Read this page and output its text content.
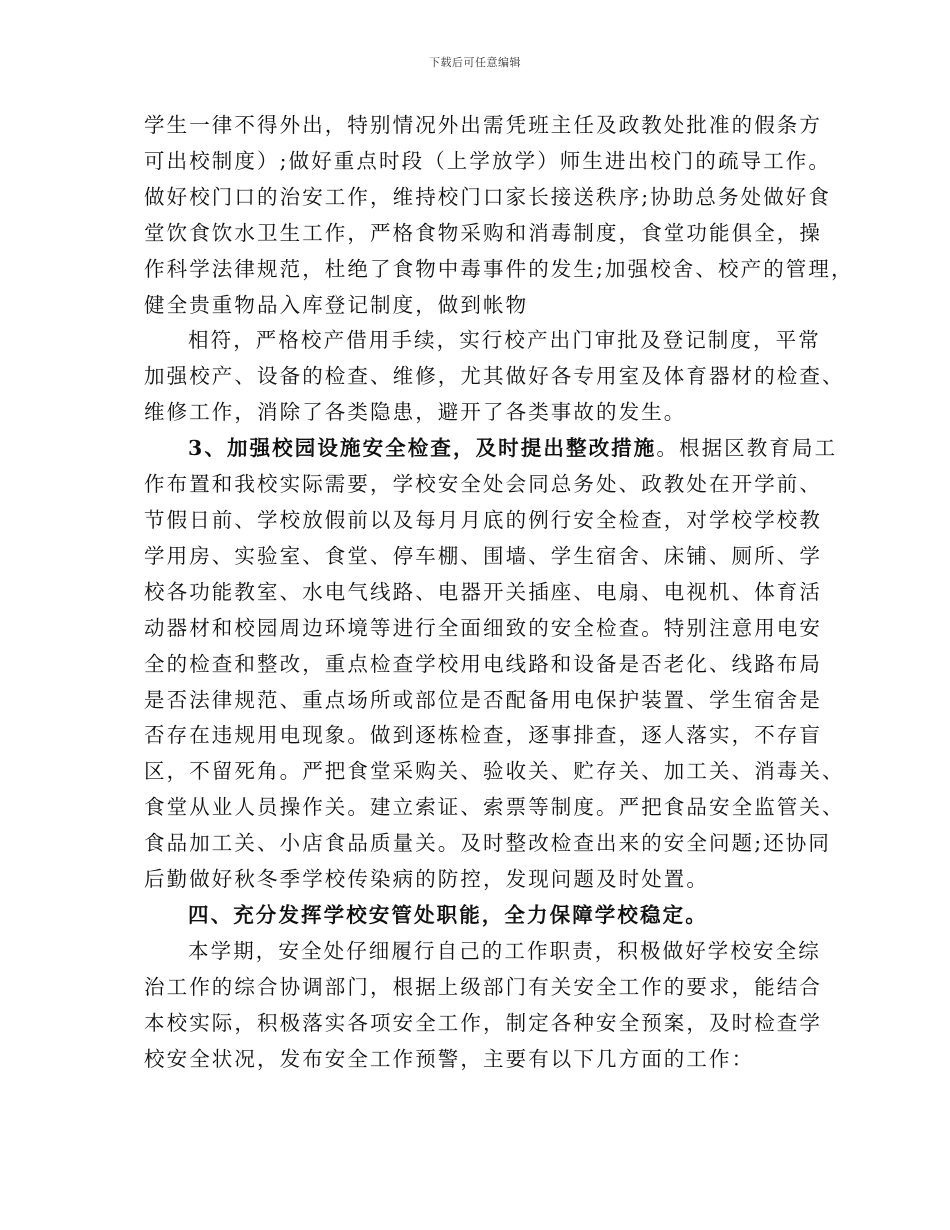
下载后可任意编辑
学生一律不得外出，特别情况外出需凭班主任及政教处批准的假条方
可出校制度）;做好重点时段（上学放学）师生进出校门的疏导工作。
做好校门口的治安工作，维持校门口家长接送秩序;协助总务处做好食
堂饮食饮水卫生工作，严格食物采购和消毒制度，食堂功能俱全，操
作科学法律规范，杜绝了食物中毒事件的发生;加强校舍、校产的管理，
健全贵重物品入库登记制度，做到帐物
相符，严格校产借用手续，实行校产出门审批及登记制度，平常
加强校产、设备的检查、维修，尤其做好各专用室及体育器材的检查、
维修工作，消除了各类隐患，避开了各类事故的发生。
3、加强校园设施安全检查，及时提出整改措施。根据区教育局工
作布置和我校实际需要，学校安全处会同总务处、政教处在开学前、
节假日前、学校放假前以及每月月底的例行安全检查，对学校学校教
学用房、实验室、食堂、停车棚、围墙、学生宿舍、床铺、厕所、学
校各功能教室、水电气线路、电器开关插座、电扇、电视机、体育活
动器材和校园周边环境等进行全面细致的安全检查。特别注意用电安
全的检查和整改，重点检查学校用电线路和设备是否老化、线路布局
是否法律规范、重点场所或部位是否配备用电保护装置、学生宿舍是
否存在违规用电现象。做到逐栋检查，逐事排查，逐人落实，不存盲
区，不留死角。严把食堂采购关、验收关、贮存关、加工关、消毒关、
食堂从业人员操作关。建立索证、索票等制度。严把食品安全监管关、
食品加工关、小店食品质量关。及时整改检查出来的安全问题;还协同
后勤做好秋冬季学校传染病的防控，发现问题及时处置。
四、充分发挥学校安管处职能，全力保障学校稳定。
本学期，安全处仔细履行自己的工作职责，积极做好学校安全综
治工作的综合协调部门，根据上级部门有关安全工作的要求，能结合
本校实际，积极落实各项安全工作，制定各种安全预案，及时检查学
校安全状况，发布安全工作预警，主要有以下几方面的工作：
